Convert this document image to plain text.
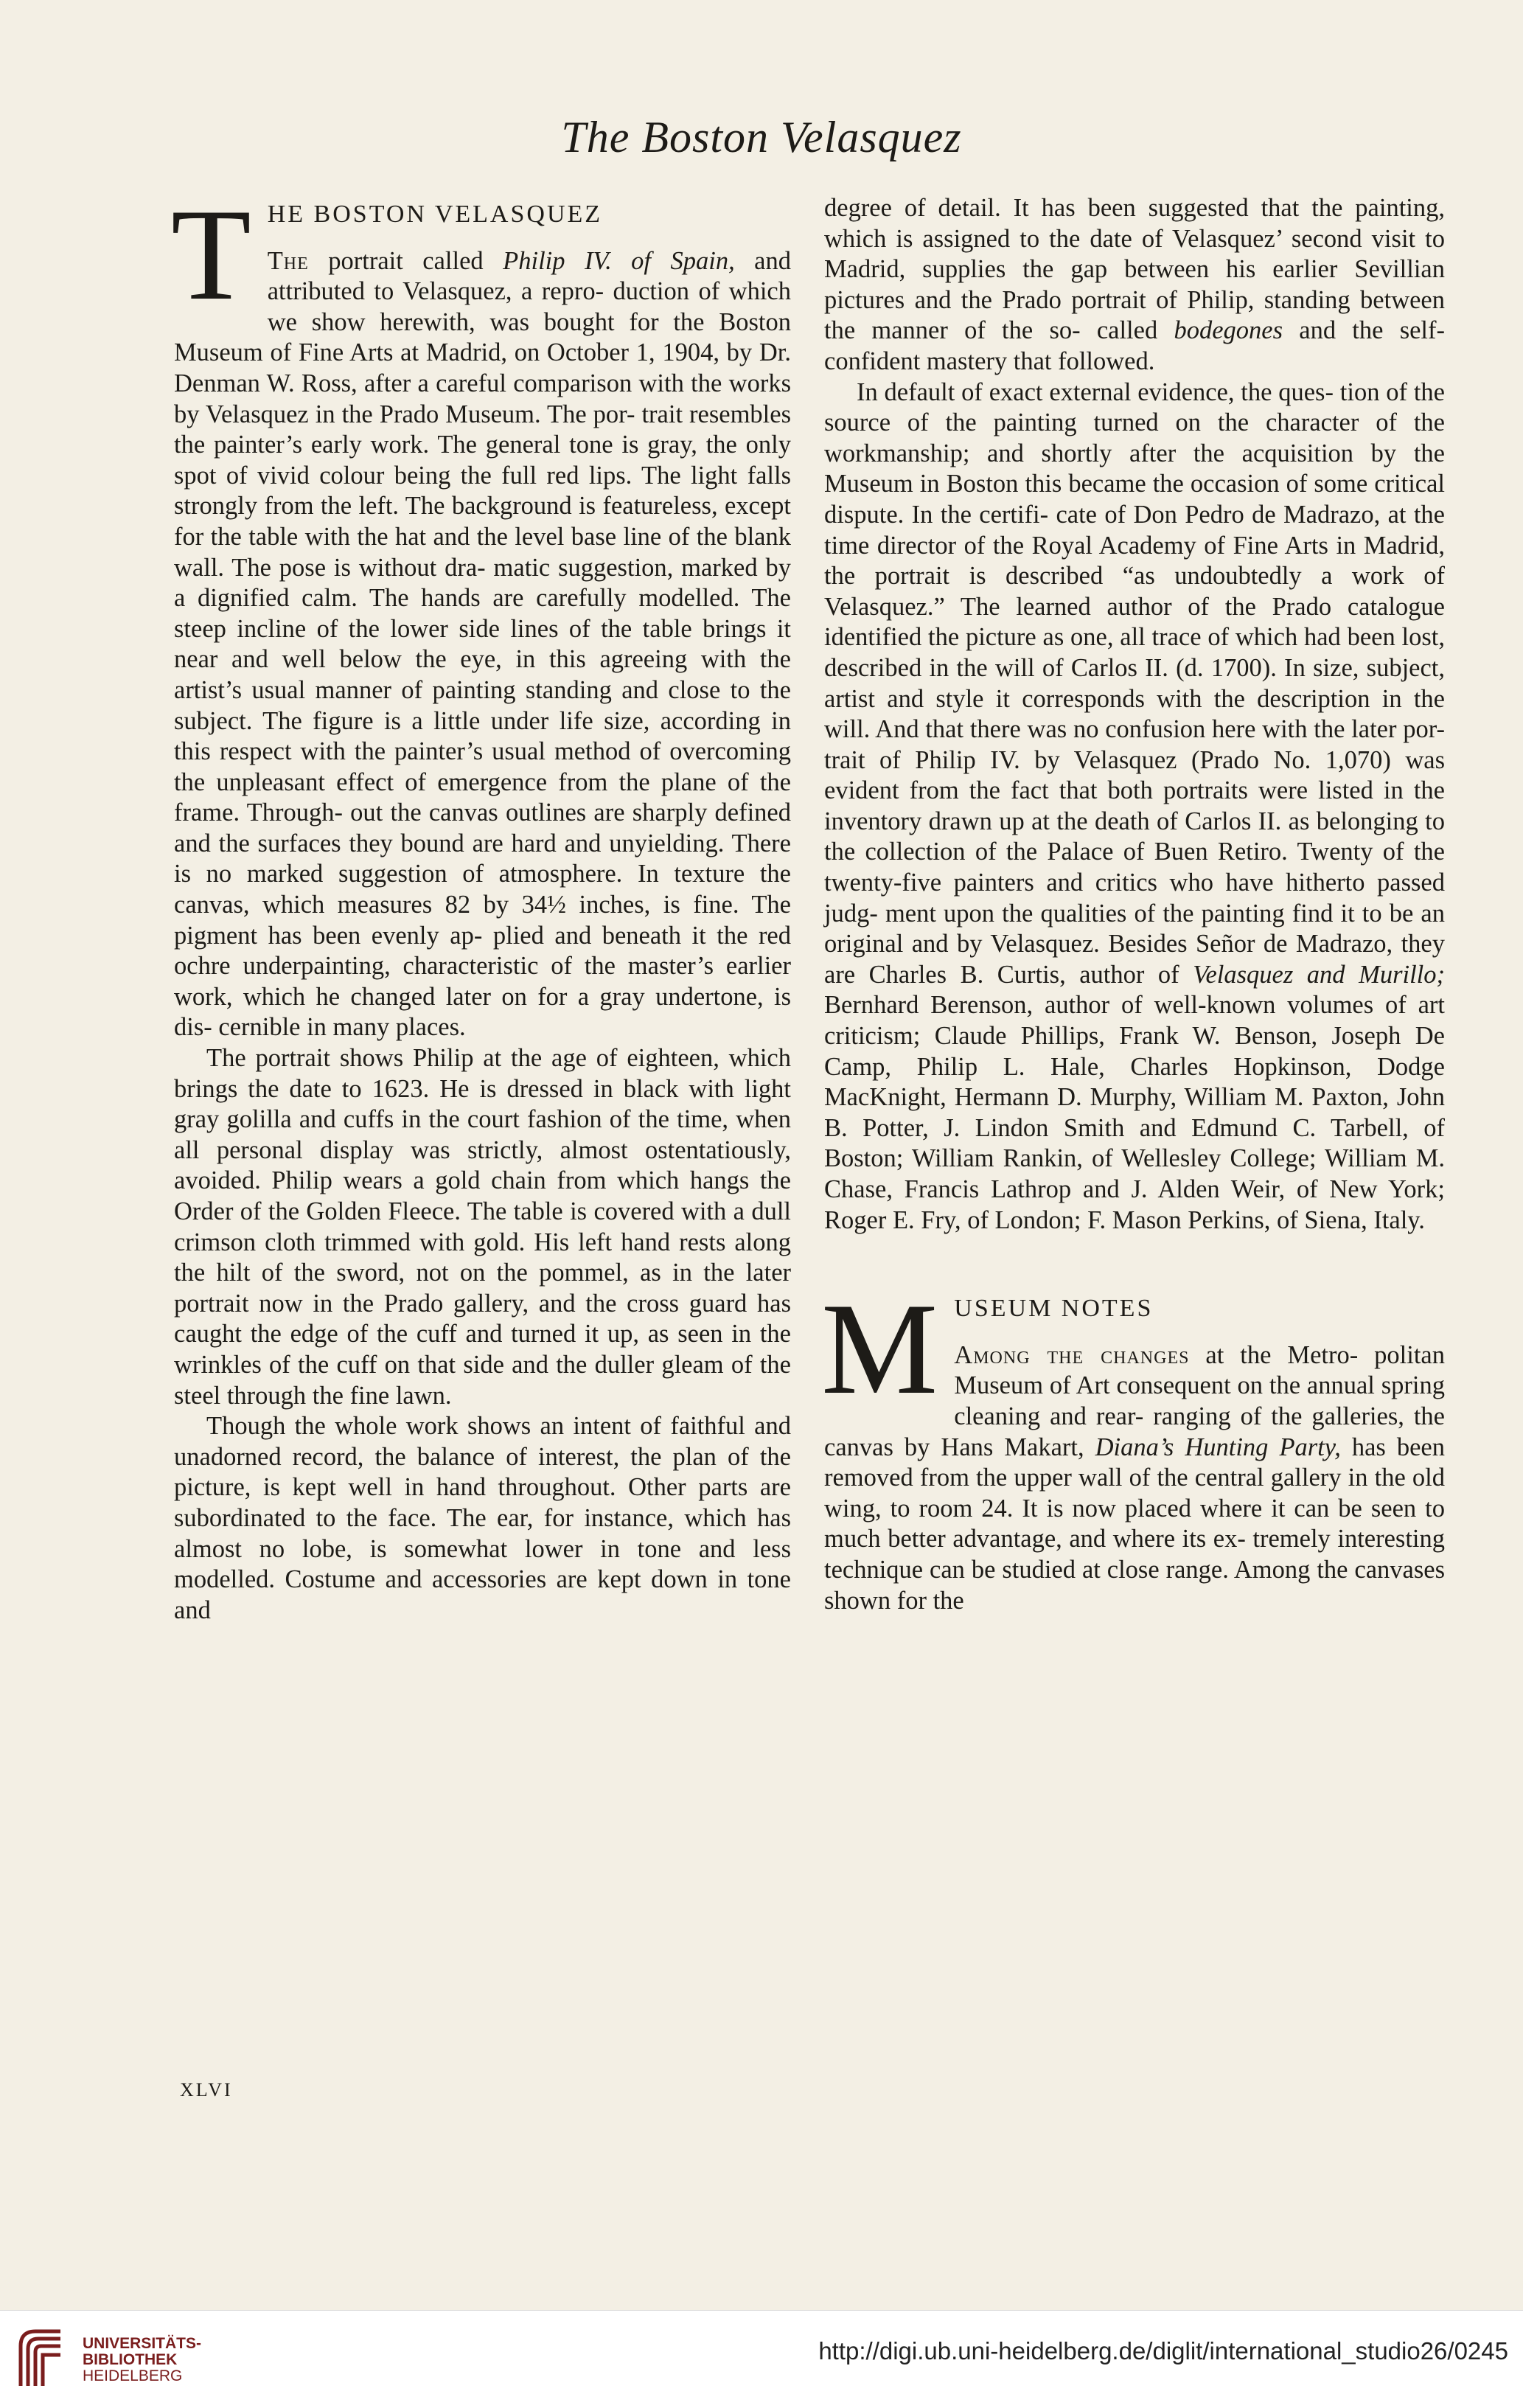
The Boston Velasquez
T HE BOSTON VELASQUEZ

The portrait called Philip IV. of Spain, and attributed to Velasquez, a repro- duction of which we show herewith, was bought for the Boston Museum of Fine Arts at Madrid, on October 1, 1904, by Dr. Denman W. Ross, after a careful comparison with the works by Velasquez in the Prado Museum. The por- trait resembles the painter’s early work. The general tone is gray, the only spot of vivid colour being the full red lips. The light falls strongly from the left. The background is featureless, except for the table with the hat and the level base line of the blank wall. The pose is without dra- matic suggestion, marked by a dignified calm. The hands are carefully modelled. The steep incline of the lower side lines of the table brings it near and well below the eye, in this agreeing with the artist’s usual manner of painting standing and close to the subject. The figure is a little under life size, according in this respect with the painter’s usual method of overcoming the unpleasant effect of emergence from the plane of the frame. Through- out the canvas outlines are sharply defined and the surfaces they bound are hard and unyielding. There is no marked suggestion of atmosphere. In texture the canvas, which measures 82 by 34½ inches, is fine. The pigment has been evenly ap- plied and beneath it the red ochre underpainting, characteristic of the master’s earlier work, which he changed later on for a gray undertone, is dis- cernible in many places.

The portrait shows Philip at the age of eighteen, which brings the date to 1623. He is dressed in black with light gray golilla and cuffs in the court fashion of the time, when all personal display was strictly, almost ostentatiously, avoided. Philip wears a gold chain from which hangs the Order of the Golden Fleece. The table is covered with a dull crimson cloth trimmed with gold. His left hand rests along the hilt of the sword, not on the pommel, as in the later portrait now in the Prado gallery, and the cross guard has caught the edge of the cuff and turned it up, as seen in the wrinkles of the cuff on that side and the duller gleam of the steel through the fine lawn.

Though the whole work shows an intent of faithful and unadorned record, the balance of interest, the plan of the picture, is kept well in hand throughout. Other parts are subordinated to the face. The ear, for instance, which has almost no lobe, is somewhat lower in tone and less modelled. Costume and accessories are kept down in tone and

degree of detail. It has been suggested that the painting, which is assigned to the date of Velasquez’ second visit to Madrid, supplies the gap between his earlier Sevillian pictures and the Prado portrait of Philip, standing between the manner of the so- called bodegones and the self-confident mastery that followed.

In default of exact external evidence, the ques- tion of the source of the painting turned on the character of the workmanship; and shortly after the acquisition by the Museum in Boston this became the occasion of some critical dispute. In the certifi- cate of Don Pedro de Madrazo, at the time director of the Royal Academy of Fine Arts in Madrid, the portrait is described “as undoubtedly a work of Velasquez.” The learned author of the Prado catalogue identified the picture as one, all trace of which had been lost, described in the will of Carlos II. (d. 1700). In size, subject, artist and style it corresponds with the description in the will. And that there was no confusion here with the later por- trait of Philip IV. by Velasquez (Prado No. 1,070) was evident from the fact that both portraits were listed in the inventory drawn up at the death of Carlos II. as belonging to the collection of the Palace of Buen Retiro. Twenty of the twenty-five painters and critics who have hitherto passed judg- ment upon the qualities of the painting find it to be an original and by Velasquez. Besides Señor de Madrazo, they are Charles B. Curtis, author of Velasquez and Murillo; Bernhard Berenson, author of well-known volumes of art criticism; Claude Phillips, Frank W. Benson, Joseph De Camp, Philip L. Hale, Charles Hopkinson, Dodge MacKnight, Hermann D. Murphy, William M. Paxton, John B. Potter, J. Lindon Smith and Edmund C. Tarbell, of Boston; William Rankin, of Wellesley College; William M. Chase, Francis Lathrop and J. Alden Weir, of New York; Roger E. Fry, of London; F. Mason Perkins, of Siena, Italy.

M USEUM NOTES

Among the changes at the Metro- politan Museum of Art consequent on the annual spring cleaning and rear- ranging of the galleries, the canvas by Hans Makart, Diana’s Hunting Party, has been removed from the upper wall of the central gallery in the old wing, to room 24. It is now placed where it can be seen to much better advantage, and where its ex- tremely interesting technique can be studied at close range. Among the canvases shown for the

XLVI
UNIVERSITÄTS-
BIBLIOTHEK
HEIDELBERG
http://digi.ub.uni-heidelberg.de/diglit/international_studio26/0245
